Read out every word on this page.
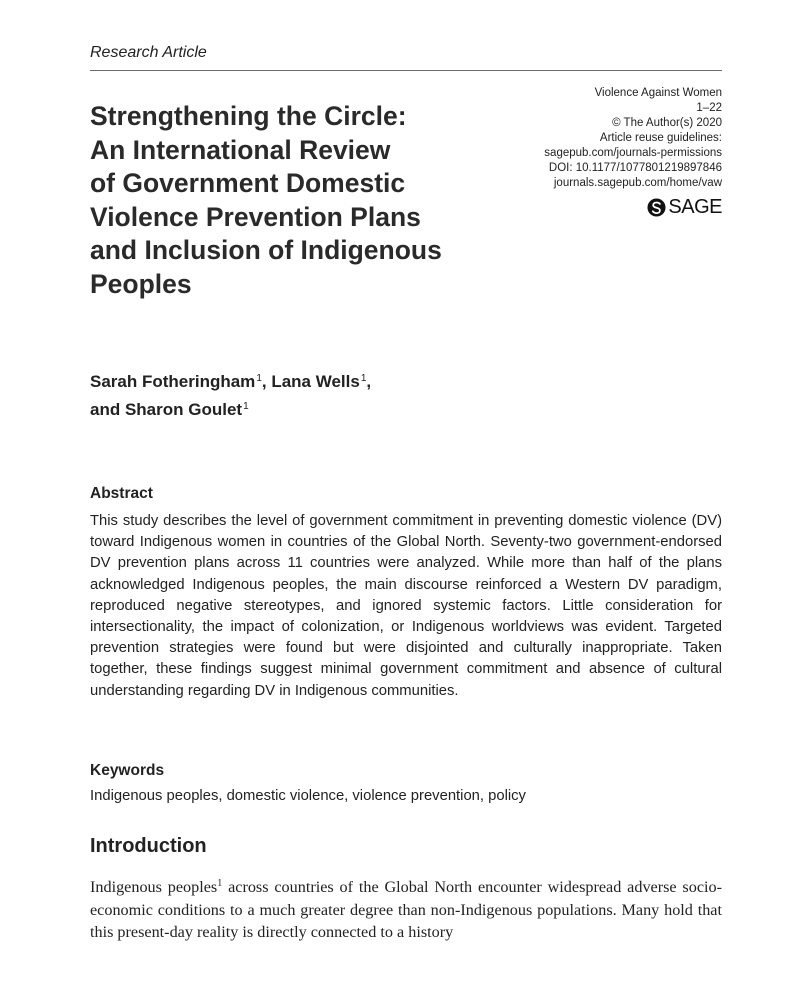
Research Article
Violence Against Women
1–22
© The Author(s) 2020
Article reuse guidelines:
sagepub.com/journals-permissions
DOI: 10.1177/1077801219897846
journals.sagepub.com/home/vaw
SAGE
Strengthening the Circle:
An International Review
of Government Domestic
Violence Prevention Plans
and Inclusion of Indigenous
Peoples
Sarah Fotheringham$^1$, Lana Wells$^1$,
and Sharon Goulet$^1$
Abstract

This study describes the level of government commitment in preventing domestic violence (DV) toward Indigenous women in countries of the Global North. Seventy-two government-endorsed DV prevention plans across 11 countries were analyzed. While more than half of the plans acknowledged Indigenous peoples, the main discourse reinforced a Western DV paradigm, reproduced negative stereotypes, and ignored systemic factors. Little consideration for intersectionality, the impact of colonization, or Indigenous worldviews was evident. Targeted prevention strategies were found but were disjointed and culturally inappropriate. Taken together, these findings suggest minimal government commitment and absence of cultural understanding regarding DV in Indigenous communities.

Keywords

Indigenous peoples, domestic violence, violence prevention, policy

Introduction

Indigenous peoples$^1$ across countries of the Global North encounter widespread adverse socio-economic conditions to a much greater degree than non-Indigenous populations. Many hold that this present-day reality is directly connected to a history
